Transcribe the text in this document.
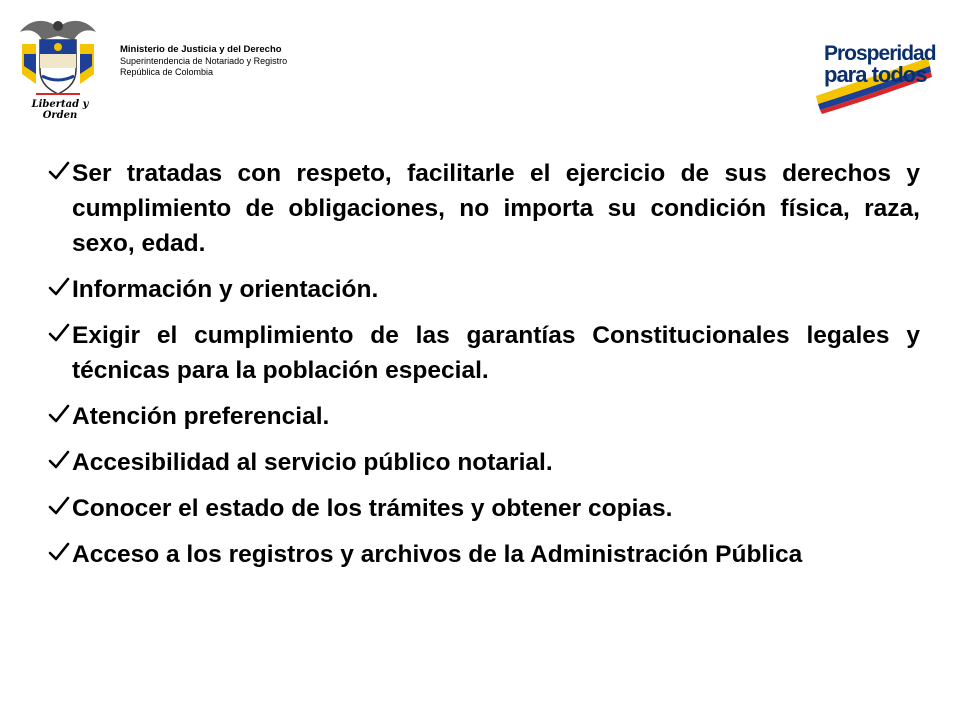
Libertad y Orden
Ministerio de Justicia y del Derecho
Superintendencia de Notariado y Registro
República de Colombia
Prosperidad
para todos
Ser tratadas con respeto, facilitarle el ejercicio de sus derechos y cumplimiento de obligaciones, no importa su condición física, raza, sexo, edad.
Información y orientación.
Exigir el cumplimiento de las garantías Constitucionales legales y técnicas para la población especial.
Atención preferencial.
Accesibilidad al servicio público notarial.
Conocer el estado de los trámites y obtener copias.
Acceso a los registros y archivos de la Administración Pública
